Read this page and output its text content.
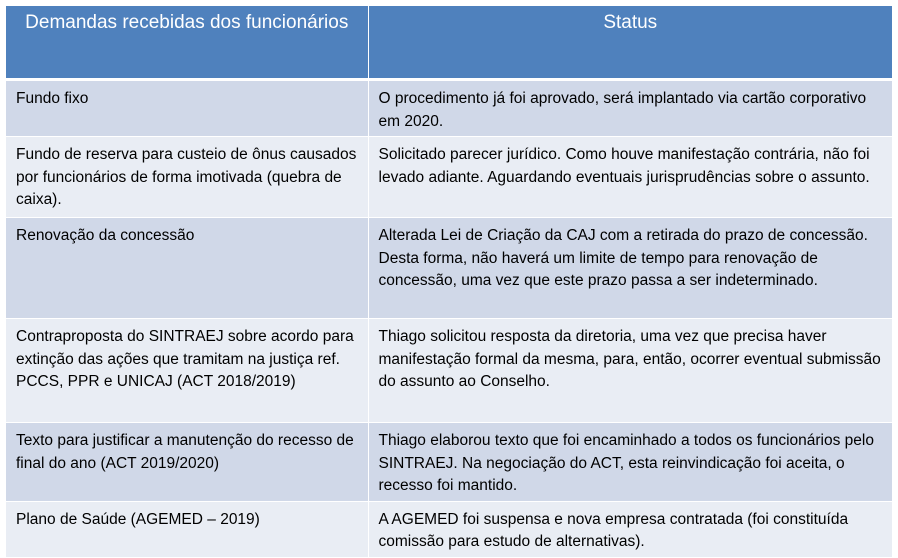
Demandas recebidas dos funcionários	Status
Fundo fixo	O procedimento já foi aprovado, será implantado via cartão corporativo em 2020.
Fundo de reserva para custeio de ônus causados por funcionários de forma imotivada (quebra de caixa).	Solicitado parecer jurídico. Como houve manifestação contrária, não foi levado adiante. Aguardando eventuais jurisprudências sobre o assunto.
Renovação da concessão	Alterada Lei de Criação da CAJ com a retirada do prazo de concessão. Desta forma, não haverá um limite de tempo para renovação de concessão, uma vez que este prazo passa a ser indeterminado.
Contraproposta do SINTRAEJ sobre acordo para extinção das ações que tramitam na justiça ref. PCCS, PPR e UNICAJ (ACT 2018/2019)	Thiago solicitou resposta da diretoria, uma vez que precisa haver manifestação formal da mesma, para, então, ocorrer eventual submissão do assunto ao Conselho.
Texto para justificar a manutenção do recesso de final do ano (ACT 2019/2020)	Thiago elaborou texto que foi encaminhado a todos os funcionários pelo SINTRAEJ. Na negociação do ACT, esta reinvindicação foi aceita, o recesso foi mantido.
Plano de Saúde (AGEMED – 2019)	A AGEMED foi suspensa e nova empresa contratada (foi constituída comissão para estudo de alternativas).
